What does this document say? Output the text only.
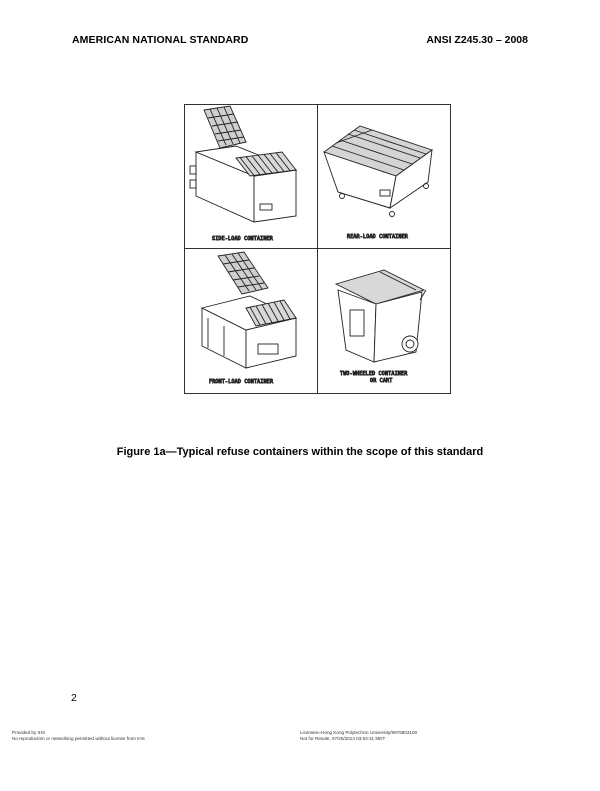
AMERICAN NATIONAL STANDARD	ANSI Z245.30 – 2008
SIDE-LOAD CONTAINER	REAR-LOAD CONTAINER
FRONT-LOAD CONTAINER
TWO-WHEELED CONTAINER
OR CART
Figure 1a—Typical refuse containers within the scope of this standard
2
Provided by IHS
No reproduction or networking permitted without license from IHS
Licensee=Hong Kong Polytechnic University/9976803100
Not for Resale, 07/25/2014 03:53:31 MDT
